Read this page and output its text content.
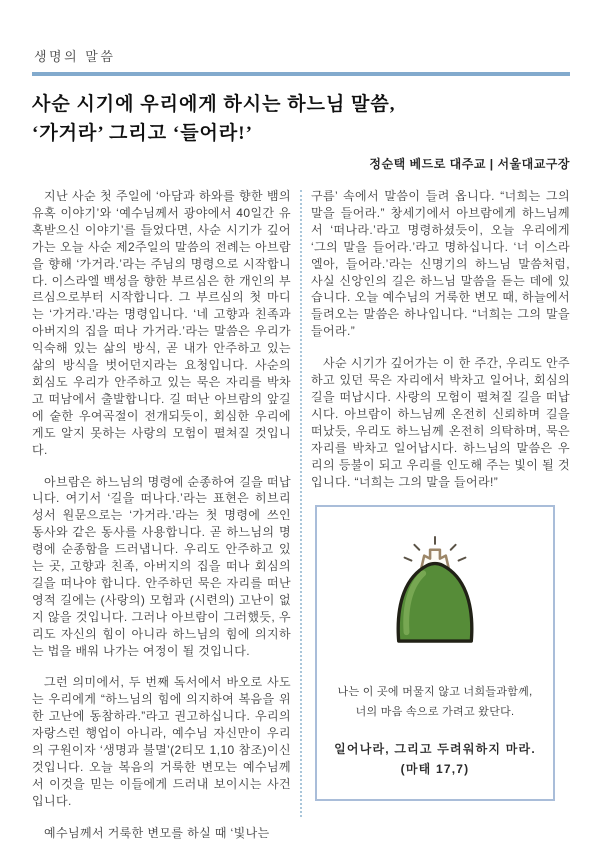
생명의 말씀
사순 시기에 우리에게 하시는 하느님 말씀,
‘가거라’ 그리고 ‘들어라!’
정순택 베드로 대주교 | 서울대교구장

지난 사순 첫 주일에 ‘아담과 하와를 향한 뱀의 유혹 이야기’와 ‘예수님께서 광야에서 40일간 유혹받으신 이야기’를 들었다면, 사순 시기가 깊어 가는 오늘 사순 제2주일의 말씀의 전례는 아브람을 향해 ‘가거라.’라는 주님의 명령으로 시작합니다. 이스라엘 백성을 향한 부르심은 한 개인의 부르심으로부터 시작합니다. 그 부르심의 첫 마디는 ‘가거라.’라는 명령입니다. ‘네 고향과 친족과 아버지의 집을 떠나 가거라.’라는 말씀은 우리가 익숙해 있는 삶의 방식, 곧 내가 안주하고 있는 삶의 방식을 벗어던지라는 요청입니다. 사순의 회심도 우리가 안주하고 있는 묵은 자리를 박차고 떠남에서 출발합니다. 길 떠난 아브람의 앞길에 숱한 우여곡절이 전개되듯이, 회심한 우리에게도 알지 못하는 사랑의 모험이 펼쳐질 것입니다.

아브람은 하느님의 명령에 순종하여 길을 떠납니다. 여기서 ‘길을 떠나다.’라는 표현은 히브리 성서 원문으로는 ‘가거라.’라는 첫 명령에 쓰인 동사와 같은 동사를 사용합니다. 곧 하느님의 명령에 순종함을 드러냅니다. 우리도 안주하고 있는 곳, 고향과 친족, 아버지의 집을 떠나 회심의 길을 떠나야 합니다. 안주하던 묵은 자리를 떠난 영적 길에는 (사랑의) 모험과 (시련의) 고난이 없지 않을 것입니다. 그러나 아브람이 그러했듯, 우리도 자신의 힘이 아니라 하느님의 힘에 의지하는 법을 배워 나가는 여정이 될 것입니다.

그런 의미에서, 두 번째 독서에서 바오로 사도는 우리에게 “하느님의 힘에 의지하여 복음을 위한 고난에 동참하라.”라고 권고하십니다. 우리의 자랑스런 행업이 아니라, 예수님 자신만이 우리의 구원이자 ‘생명과 불멸’(2티모 1,10 참조)이신 것입니다. 오늘 복음의 거룩한 변모는 예수님께서 이것을 믿는 이들에게 드러내 보이시는 사건입니다.

예수님께서 거룩한 변모를 하실 때 ‘빛나는

구름’ 속에서 말씀이 들려 옵니다. “너희는 그의 말을 들어라.” 창세기에서 아브람에게 하느님께서 ‘떠나라.’라고 명령하셨듯이, 오늘 우리에게 ‘그의 말을 들어라.’라고 명하십니다. ‘너 이스라엘아, 들어라.’라는 신명기의 하느님 말씀처럼, 사실 신앙인의 길은 하느님 말씀을 듣는 데에 있습니다. 오늘 예수님의 거룩한 변모 때, 하늘에서 들려오는 말씀은 하나입니다. “너희는 그의 말을 들어라.”

사순 시기가 깊어가는 이 한 주간, 우리도 안주하고 있던 묵은 자리에서 박차고 일어나, 회심의 길을 떠납시다. 사랑의 모험이 펼쳐질 길을 떠납시다. 아브람이 하느님께 온전히 신뢰하며 길을 떠났듯, 우리도 하느님께 온전히 의탁하며, 묵은 자리를 박차고 일어납시다. 하느님의 말씀은 우리의 등불이 되고 우리를 인도해 주는 빛이 될 것입니다. “너희는 그의 말을 들어라!”

나는 이 곳에 머물지 않고 너희들과함께,
너의 마음 속으로 가려고 왔단다.

일어나라, 그리고 두려워하지 마라.
(마태 17,7)
